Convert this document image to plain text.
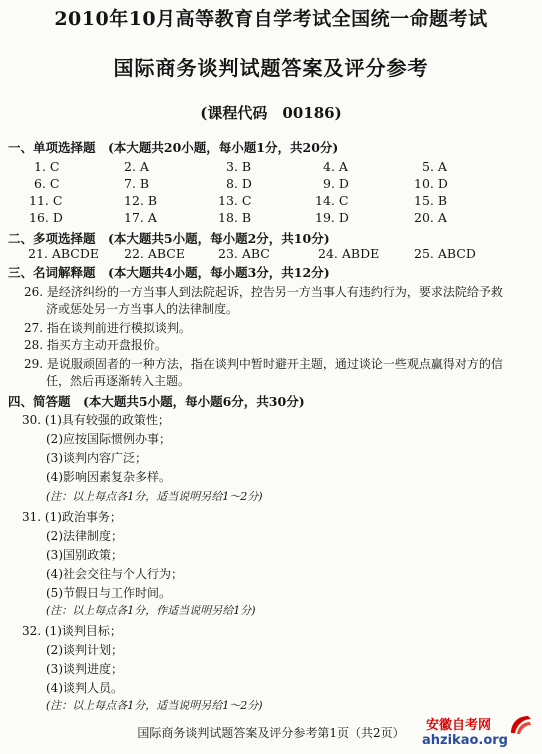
2010年10月高等教育自学考试全国统一命题考试
国际商务谈判试题答案及评分参考
(课程代码　00186)
一、单项选择题　(本大题共20小题，每小题1分，共20分)
1. C	2. A	3. B	4. A	5. A
6. C	7. B	8. D	9. D	10. D
11. C	12. B	13. C	14. C	15. B
16. D	17. A	18. B	19. D	20. A
二、多项选择题　(本大题共5小题，每小题2分，共10分)
21. ABCDE 22. ABCE	23. ABC	24. ABDE	25. ABCD
三、名词解释题　(本大题共4小题，每小题3分，共12分)
26. 是经济纠纷的一方当事人到法院起诉，控告另一方当事人有违约行为，要求法院给予救
济或惩处另一方当事人的法律制度。
27. 指在谈判前进行模拟谈判。
28. 指买方主动开盘报价。
29. 是说服顽固者的一种方法，指在谈判中暂时避开主题，通过谈论一些观点赢得对方的信
任，然后再逐渐转入主题。
四、简答题　(本大题共5小题，每小题6分，共30分)
30. (1)具有较强的政策性；
(2)应按国际惯例办事；
(3)谈判内容广泛；
(4)影响因素复杂多样。
(注：以上每点各1分，适当说明另给1～2分)
31. (1)政治事务；
(2)法律制度；
(3)国别政策；
(4)社会交往与个人行为；
(5)节假日与工作时间。
(注：以上每点各1分，作适当说明另给1分)
32. (1)谈判目标；
(2)谈判计划；
(3)谈判进度；
(4)谈判人员。
(注：以上每点各1分，适当说明另给1～2分)
国际商务谈判试题答案及评分参考第1页（共2页）	安徽自考网
ahzikao.org
